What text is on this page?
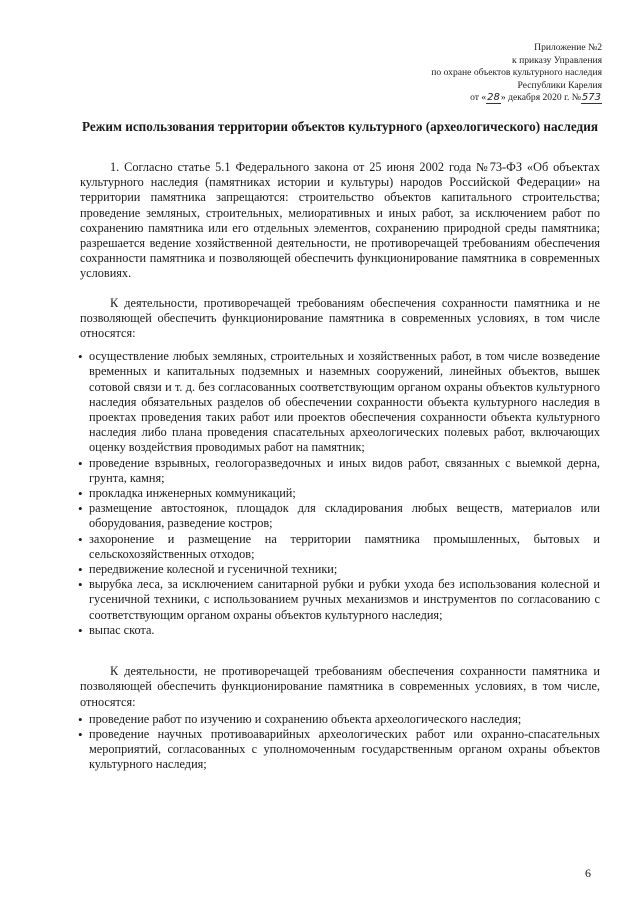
Приложение №2
к приказу Управления
по охране объектов культурного наследия
Республики Карелия
от «28» декабря 2020 г. №573
Режим использования территории объектов культурного (археологического) наследия

1. Согласно статье 5.1 Федерального закона от 25 июня 2002 года №73-ФЗ «Об объектах культурного наследия (памятниках истории и культуры) народов Российской Федерации» на территории памятника запрещаются: строительство объектов капитального строительства; проведение земляных, строительных, мелиоративных и иных работ, за исключением работ по сохранению памятника или его отдельных элементов, сохранению природной среды памятника; разрешается ведение хозяйственной деятельности, не противоречащей требованиям обеспечения сохранности памятника и позволяющей обеспечить функционирование памятника в современных условиях.

К деятельности, противоречащей требованиям обеспечения сохранности памятника и не позволяющей обеспечить функционирование памятника в современных условиях, в том числе относятся:

• осуществление любых земляных, строительных и хозяйственных работ, в том числе возведение временных и капитальных подземных и наземных сооружений, линейных объектов, вышек сотовой связи и т. д. без согласованных соответствующим органом охраны объектов культурного наследия обязательных разделов об обеспечении сохранности объекта культурного наследия в проектах проведения таких работ или проектов обеспечения сохранности объекта культурного наследия либо плана проведения спасательных археологических полевых работ, включающих оценку воздействия проводимых работ на памятник;
• проведение взрывных, геологоразведочных и иных видов работ, связанных с выемкой дерна, грунта, камня;
• прокладка инженерных коммуникаций;
• размещение автостоянок, площадок для складирования любых веществ, материалов или оборудования, разведение костров;
• захоронение и размещение на территории памятника промышленных, бытовых и сельскохозяйственных отходов;
• передвижение колесной и гусеничной техники;
• вырубка леса, за исключением санитарной рубки и рубки ухода без использования колесной и гусеничной техники, с использованием ручных механизмов и инструментов по согласованию с соответствующим органом охраны объектов культурного наследия;
• выпас скота.

К деятельности, не противоречащей требованиям обеспечения сохранности памятника и позволяющей обеспечить функционирование памятника в современных условиях, в том числе, относятся:

• проведение работ по изучению и сохранению объекта археологического наследия;
• проведение научных противоаварийных археологических работ или охранно-спасательных мероприятий, согласованных с уполномоченным государственным органом охраны объектов культурного наследия;
6
